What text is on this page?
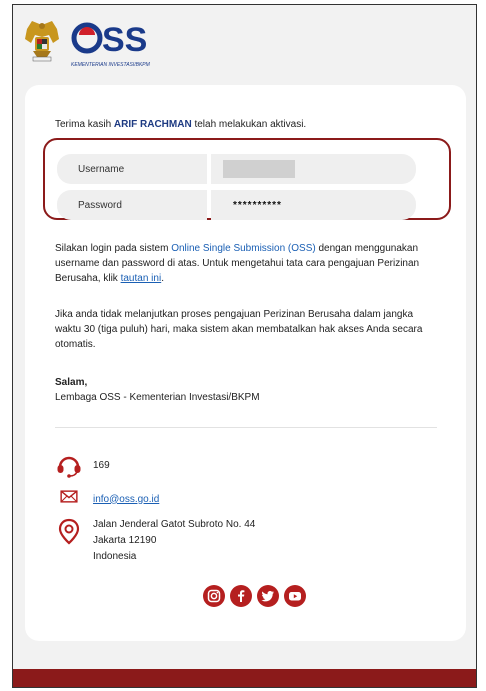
SS
KEMENTERIAN INVESTASI/BKPM
Terima kasih ARIF RACHMAN telah melakukan aktivasi.
Username
Password	**********
Silakan login pada sistem Online Single Submission (OSS) dengan menggunakan username dan password di atas. Untuk mengetahui tata cara pengajuan Perizinan Berusaha, klik tautan ini.
Jika anda tidak melanjutkan proses pengajuan Perizinan Berusaha dalam jangka waktu 30 (tiga puluh) hari, maka sistem akan membatalkan hak akses Anda secara otomatis.
Salam,
Lembaga OSS - Kementerian Investasi/BKPM
169
info@oss.go.id
Jalan Jenderal Gatot Subroto No. 44
Jakarta 12190
Indonesia
